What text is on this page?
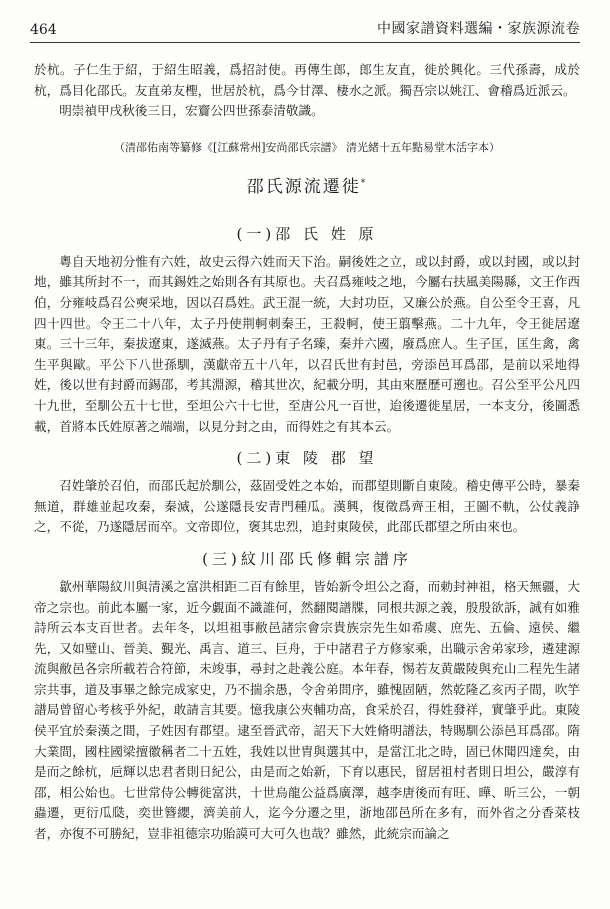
464	中國家譜資料選編・家族源流卷

於杭。子仁生于紹，于紹生昭義，爲招討使。再傳生郎，郎生友直，徙於興化。三代孫壽，成於杭，爲目化邵氏。友直弟友檉，世居於杭，爲今甘澤、棲水之派。獨吾宗以姚江、會稽爲近派云。

明崇禎甲戌秋後三日，宏齎公四世孫泰清敬識。

（清邵佑南等纂修《[江蘇常州]安尚邵氏宗譜》 清光緒十五年點易堂木活字本）
邵氏源流遷徙*
(一)邵 氏 姓 原

粵自天地初分惟有六姓，故史云得六姓而天下治。嗣後姓之立，或以封爵，或以封國，或以封地，雖其所封不一，而其錫姓之始則各有其原也。夫召爲雍岐之地，今屬右扶風美陽縣，文王作西伯，分雍岐爲召公奭采地，因以召爲姓。武王混一統，大封功臣，又廉公於燕。自公至令王喜，凡四十四世。令王二十八年，太子丹使荆軻刺秦王，王殺軻，使王翦擊燕。二十九年，令王徙居遼東。三十三年，秦拔遼東，遂滅燕。太子丹有子名臻，秦并六國，廢爲庶人。生子匡，匡生禽，禽生平與歐。平公下八世孫馴，漢獻帝五十八年，以召氏世有封邑，旁添邑耳爲邵，是前以采地得姓，後以世有封爵而錫邵，考其淵源，稽其世次，紀載分明，其由來歷歷可遡也。召公至平公凡四十九世，至馴公五十七世，至坦公六十七世，至唐公凡一百世，迨後遷徙星居，一本支分，後圖悉載，首將本氏姓原著之端端，以見分封之由，而得姓之有其本云。

(二)東 陵 郡 望

召姓肇於召伯，而邵氏起於馴公，茲固受姓之本始，而郡望則斷自東陵。稽史傳平公時，暴秦無道，群雄並起攻秦，秦滅，公遂隱長安青門種瓜。漢興，復徵爲齊王相，王圖不軌，公仗義諍之，不從，乃遂隱居而卒。文帝即位，褒其忠烈，追封東陵侯，此邵氏郡望之所由來也。

(三)紋川邵氏修輯宗譜序

歙州華陽紋川與清溪之富洪相距二百有餘里，皆始新令坦公之裔，而勅封神祖，格天無疆，大帝之宗也。前此本屬一家，近今覷面不識誰何，然翻閱譜牒，同根共源之義，殷殷欲訴，誠有如雅詩所云本支百世者。去年冬，以坦祖事敝邑諸宗會宗貴族宗先生如希虞、庶先、五倫、遠侯、繼先，又如璧山、晉美、覲光、禹言、道三、巨舟，于中諸君子方修家乘，出職示舍弟家珍，遴建源流與敝邑各宗所載若合符節，未竣事，尋封之赴義公庭。本年春，惕若友黄嚴陵與充山二程先生諸宗共事，道及事畢之餘完成家史，乃不揣余愚，令舍弟問序，雖愧固陋，然乾隆乙亥丙子間，吹竽譜局曾留心考核乎外紀，敢請言其要。憶我康公夾輔功高，食采於召，得姓發祥，實肇乎此。東陵侯平宜於秦漢之間，子姓因有郡望。逮至晉武帝，詔天下大姓脩明譜法，特賜馴公添邑耳爲邵。隋大業間，國柱國梁擅徽稱者二十五姓，我姓以世胄與選其中，是當江北之時，固已休聞四達矣，由是而之餘杭，巵輝以忠君者則日紀公，由是而之始新，下育以惠民，留居祖村者則日坦公，嚴淳有邵，相公始也。七世常侍公轉徙富洪，十世烏龍公益爲廣澤，越李唐後而有旺、曄、昕三公，一朝蟲遷，更衍瓜瓞，奕世簪纓，濟美前人，迄今分遷之里，浙地邵邑所在多有，而外省之分香菜枝者，亦復不可勝紀，豈非祖德宗功貽謨可大可久也哉？雖然，此統宗而論之
